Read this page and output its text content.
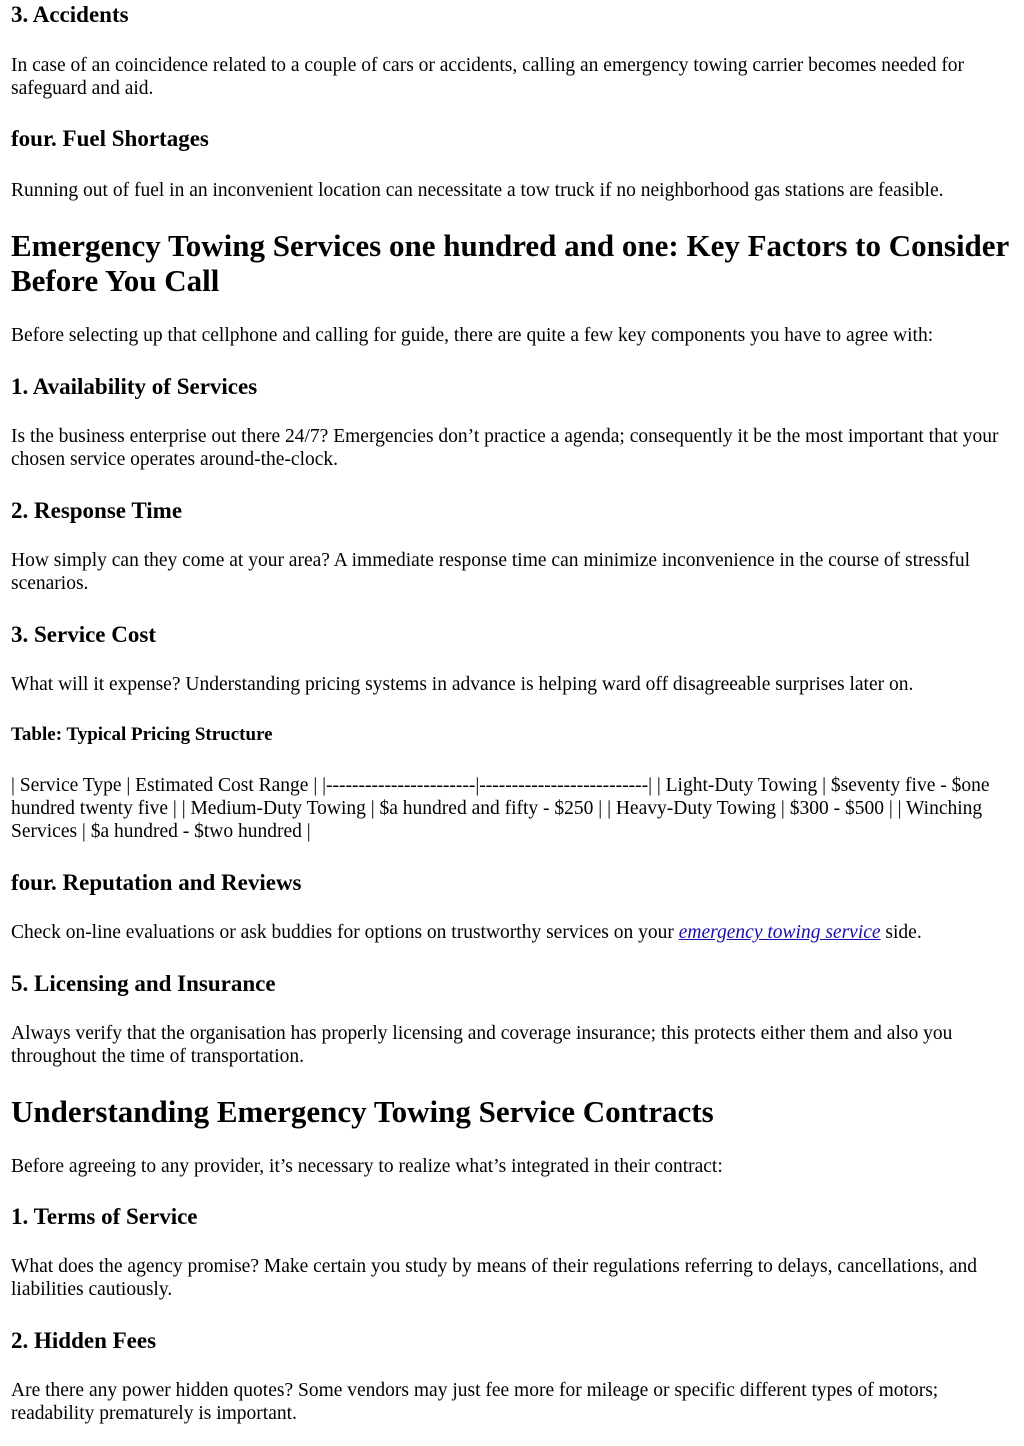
3. Accidents

In case of an coincidence related to a couple of cars or accidents, calling an emergency towing carrier becomes needed for safeguard and aid.

four. Fuel Shortages

Running out of fuel in an inconvenient location can necessitate a tow truck if no neighborhood gas stations are feasible.

Emergency Towing Services one hundred and one: Key Factors to Consider Before You Call

Before selecting up that cellphone and calling for guide, there are quite a few key components you have to agree with:

1. Availability of Services

Is the business enterprise out there 24/7? Emergencies don’t practice a agenda; consequently it be the most important that your chosen service operates around-the-clock.

2. Response Time

How simply can they come at your area? A immediate response time can minimize inconvenience in the course of stressful scenarios.

3. Service Cost

What will it expense? Understanding pricing systems in advance is helping ward off disagreeable surprises later on.

Table: Typical Pricing Structure

| Service Type | Estimated Cost Range | |-----------------------|--------------------------| | Light-Duty Towing | $seventy five - $one hundred twenty five | | Medium-Duty Towing | $a hundred and fifty - $250 | | Heavy-Duty Towing | $300 - $500 | | Winching Services | $a hundred - $two hundred |

four. Reputation and Reviews

Check on-line evaluations or ask buddies for options on trustworthy services on your emergency towing service side.

5. Licensing and Insurance

Always verify that the organisation has properly licensing and coverage insurance; this protects either them and also you throughout the time of transportation.

Understanding Emergency Towing Service Contracts

Before agreeing to any provider, it’s necessary to realize what’s integrated in their contract:

1. Terms of Service

What does the agency promise? Make certain you study by means of their regulations referring to delays, cancellations, and liabilities cautiously.

2. Hidden Fees

Are there any power hidden quotes? Some vendors may just fee more for mileage or specific different types of motors; readability prematurely is important.
